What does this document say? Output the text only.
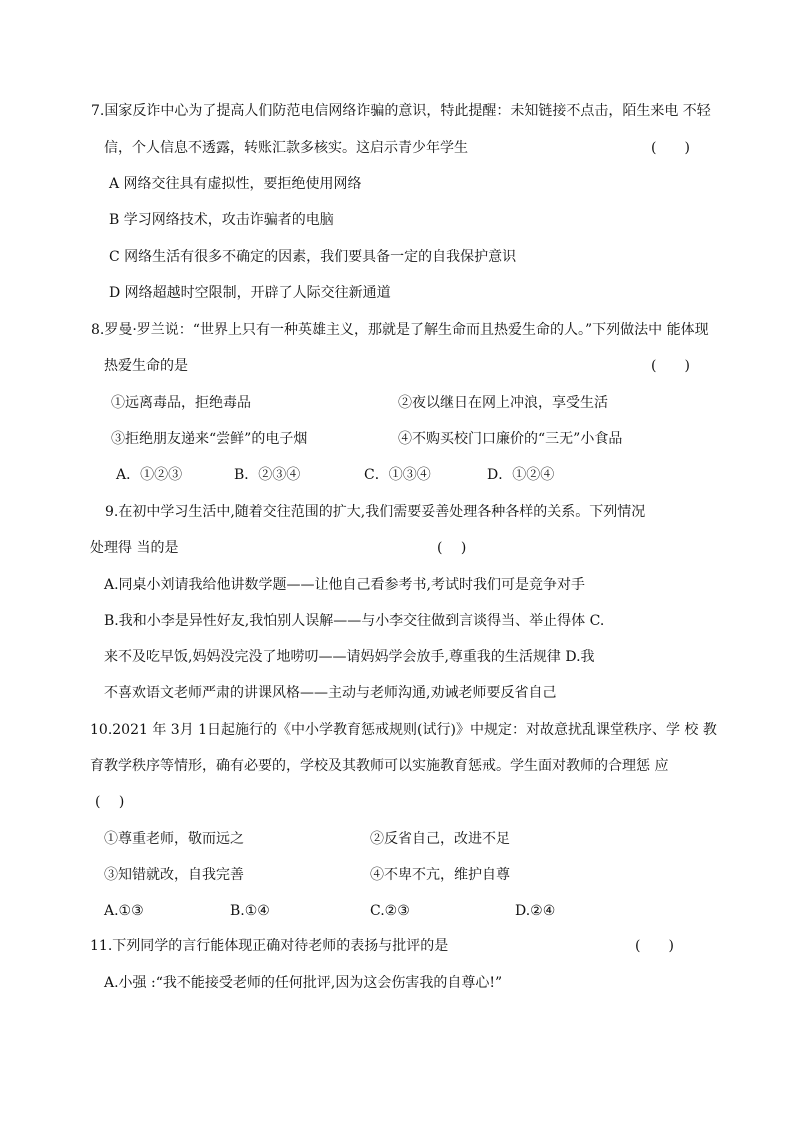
7.国家反诈中心为了提高人们防范电信网络诈骗的意识，特此提醒：未知链接不点击，陌生来电 不轻
信，个人信息不透露，转账汇款多核实。这启示青少年学生	(　　)
A 网络交往具有虚拟性，要拒绝使用网络
B 学习网络技术，攻击诈骗者的电脑
C 网络生活有很多不确定的因素，我们要具备一定的自我保护意识
D 网络超越时空限制，开辟了人际交往新通道
8.罗曼·罗兰说：“世界上只有一种英雄主义，那就是了解生命而且热爱生命的人。”下列做法中 能体现
热爱生命的是	(　　)
①远离毒品，拒绝毒品	②夜以继日在网上冲浪，享受生活
③拒绝朋友递来“尝鲜”的电子烟	④不购买校门口廉价的“三无”小食品
A．①②③	B．②③④	C．①③④	D．①②④
9.在初中学习生活中,随着交往范围的扩大,我们需要妥善处理各种各样的关系。下列情况
处理得 当的是	(　 )
A.同桌小刘请我给他讲数学题——让他自己看参考书,考试时我们可是竞争对手
B.我和小李是异性好友,我怕别人误解——与小李交往做到言谈得当、举止得体 C.
来不及吃早饭,妈妈没完没了地唠叨——请妈妈学会放手,尊重我的生活规律 D.我
不喜欢语文老师严肃的讲课风格——主动与老师沟通,劝诫老师要反省自己
10.2021 年 3月 1日起施行的《中小学教育惩戒规则(试行)》中规定：对故意扰乱课堂秩序、学 校 教
育教学秩序等情形，确有必要的，学校及其教师可以实施教育惩戒。学生面对教师的合理惩 应
(　 )
①尊重老师，敬而远之	②反省自己，改进不足
③知错就改，自我完善	④不卑不亢，维护自尊
A.①③	B.①④	C.②③	D.②④
11.下列同学的言行能体现正确对待老师的表扬与批评的是	(　　)
A.小强 :“我不能接受老师的任何批评,因为这会伤害我的自尊心!”
